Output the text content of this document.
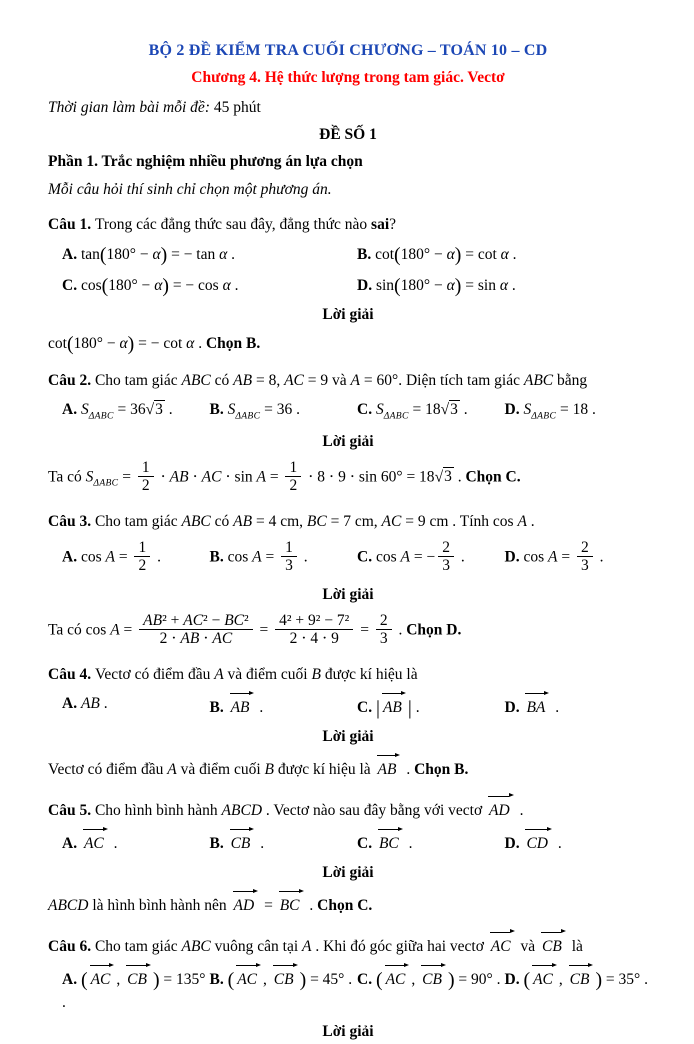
BỘ 2 ĐỀ KIỂM TRA CUỐI CHƯƠNG – TOÁN 10 – CD
Chương 4. Hệ thức lượng trong tam giác. Vectơ
Thời gian làm bài mỗi đề: 45 phút
ĐỀ SỐ 1
Phần 1. Trắc nghiệm nhiều phương án lựa chọn
Mỗi câu hỏi thí sinh chỉ chọn một phương án.
Câu 1. Trong các đẳng thức sau đây, đẳng thức nào sai?
A. tan(180° − α) = − tan α .	B. cot(180° − α) = cot α .
C. cos(180° − α) = − cos α .	D. sin(180° − α) = sin α .
Lời giải
cot(180° − α) = − cot α . Chọn B.
Câu 2. Cho tam giác ABC có AB = 8, AC = 9 và A = 60°. Diện tích tam giác ABC bằng
A. $S_{\Delta ABC} = 36√3$ .	B. $S_{\Delta ABC} = 36$ .	C. $S_{\Delta ABC} = 18√3$ .	D. $S_{\Delta ABC} = 18$ .
Lời giải
Ta có $S_{\Delta ABC} = \frac{1}{2}$ ⋅ AB ⋅ AC ⋅ $\sin A = \frac{1}{2} \cdot 8 \cdot 9 \cdot \sin 60^\circ = 18√3$ . Chọn C.
Câu 3. Cho tam giác ABC có AB = 4 cm, BC = 7 cm, AC = 9 cm . Tính cos A .
A. $\cos A = \frac{1}{2}$ .	B. $\cos A = \frac{1}{3}$ .	C. cos A = − $\frac{2}{3}$ .	D. $\cos A = \frac{2}{3}$ .
Lời giải
Ta có $\cos A = \frac{\text{AB² + AC² − BC²}}{2 \cdot AB \cdot AC} = \frac{\text{4² + 9² − 7²}}{2 \cdot 4 \cdot 9} = \frac{2}{3}$ . Chọn D.
Câu 4. Vectơ có điểm đầu A và điểm cuối B được kí hiệu là
A. AB .	B. AB .	C. | AB | .	D. BA .
Lời giải
Vectơ có điểm đầu A và điểm cuối B được kí hiệu là AB . Chọn B.
Câu 5. Cho hình bình hành ABCD . Vectơ nào sau đây bằng với vectơ AD .
A. AC .	B. CB .	C. BC .	D. CD .
Lời giải
ABCD là hình bình hành nên AD = BC . Chọn C.
Câu 6. Cho tam giác ABC vuông cân tại A . Khi đó góc giữa hai vectơ AC và CB là
A. ( AC , CB ) = 135° .
B. ( AC , CB ) = 45° . C. ( AC , CB ) = 90° . D. ( AC , CB ) = 35° .
Lời giải
